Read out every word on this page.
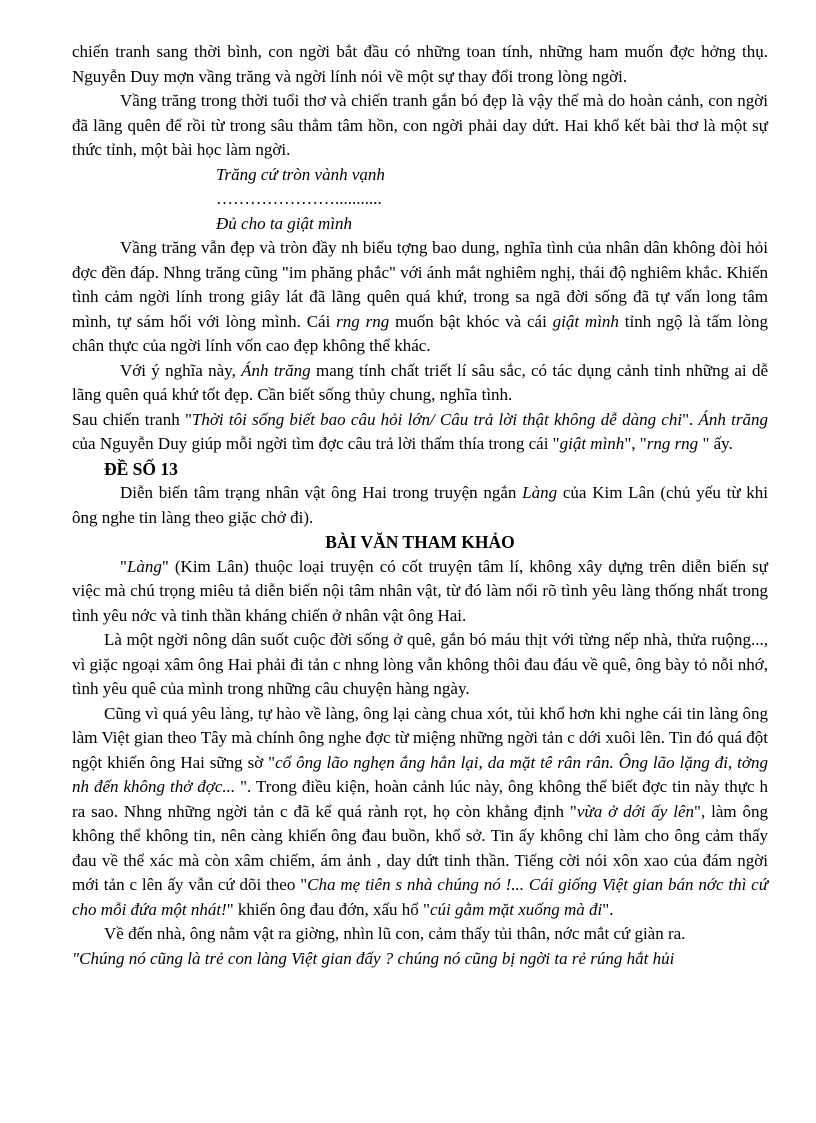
chiến tranh sang thời bình, con ngời bắt đầu có những toan tính, những ham muốn đợc hởng thụ. Nguyễn Duy mợn vầng trăng và ngời lính nói về một sự thay đổi trong lòng ngời.

Vầng trăng trong thời tuổi thơ và chiến tranh gắn bó đẹp là vậy thế mà do hoàn cảnh, con ngời đã lãng quên để rồi từ trong sâu thẳm tâm hồn, con ngời phải day dứt. Hai khổ kết bài thơ là một sự thức tỉnh, một bài học làm ngời.

Trăng cứ tròn vành vạnh

…………………...........

Đủ cho ta giật mình

Vầng trăng vẫn đẹp và tròn đầy nh biểu tợng bao dung, nghĩa tình của nhân dân không đòi hỏi đợc đền đáp. Nhng trăng cũng "im phăng phắc" với ánh mắt nghiêm nghị, thái độ nghiêm khắc. Khiến tình cảm ngời lính trong giây lát đã lãng quên quá khứ, trong sa ngã đời sống đã tự vấn long tâm mình, tự sám hối với lòng mình. Cái rng rng muốn bật khóc và cái giật mình tỉnh ngộ là tấm lòng chân thực của ngời lính vốn cao đẹp không thể khác.

Với ý nghĩa này, Ánh trăng mang tính chất triết lí sâu sắc, có tác dụng cảnh tỉnh những ai dễ lãng quên quá khứ tốt đẹp. Cần biết sống thủy chung, nghĩa tình.

Sau chiến tranh "Thời tôi sống biết bao câu hỏi lớn/ Câu trả lời thật không dễ dàng chi". Ánh trăng của Nguyễn Duy giúp mỗi ngời tìm đợc câu trả lời thấm thía trong cái "giật mình", "rng rng " ấy.

ĐỀ SỐ 13

Diễn biến tâm trạng nhân vật ông Hai trong truyện ngắn Làng của Kim Lân (chủ yếu từ khi ông nghe tin làng theo giặc chở đi).

BÀI VĂN THAM KHẢO

"Làng" (Kim Lân) thuộc loại truyện có cốt truyện tâm lí, không xây dựng trên diễn biến sự việc mà chú trọng miêu tả diễn biến nội tâm nhân vật, từ đó làm nổi rõ tình yêu làng thống nhất trong tình yêu nớc và tinh thần kháng chiến ở nhân vật ông Hai.

Là một ngời nông dân suốt cuộc đời sống ở quê, gắn bó máu thịt với từng nếp nhà, thửa ruộng..., vì giặc ngoại xâm ông Hai phải đi tản c nhng lòng vẫn không thôi đau đáu về quê, ông bày tỏ nỗi nhớ, tình yêu quê của mình trong những câu chuyện hàng ngày.

Cũng vì quá yêu làng, tự hào về làng, ông lại càng chua xót, tủi khổ hơn khi nghe cái tin làng ông làm Việt gian theo Tây mà chính ông nghe đợc từ miệng những ngời tản c dới xuôi lên. Tin đó quá đột ngột khiến ông Hai sững sờ "cổ ông lão nghẹn ắng hẳn lại, da mặt tê rân rân. Ông lão lặng đi, tởng nh đến không thở đợc... ". Trong điều kiện, hoàn cảnh lúc này, ông không thể biết đợc tin này thực h ra sao. Nhng những ngời tản c đã kể quá rành rọt, họ còn khẳng định "vừa ở dới ấy lên", làm ông không thể không tin, nên càng khiến ông đau buồn, khổ sở. Tin ấy không chỉ làm cho ông cảm thấy đau về thể xác mà còn xâm chiếm, ám ảnh , day dứt tinh thần. Tiếng cời nói xôn xao của đám ngời mới tản c lên ấy vẫn cứ dõi theo "Cha mẹ tiên s nhà chúng nó !... Cái giống Việt gian bán nớc thì cứ cho mỗi đứa một nhát!" khiến ông đau đớn, xấu hổ "cúi gằm mặt xuống mà đi".

Về đến nhà, ông nằm vật ra giờng, nhìn lũ con, cảm thấy tủi thân, nớc mắt cứ giàn ra.

"Chúng nó cũng là trẻ con làng Việt gian đấy ? chúng nó cũng bị ngời ta rẻ rúng hắt hủi
